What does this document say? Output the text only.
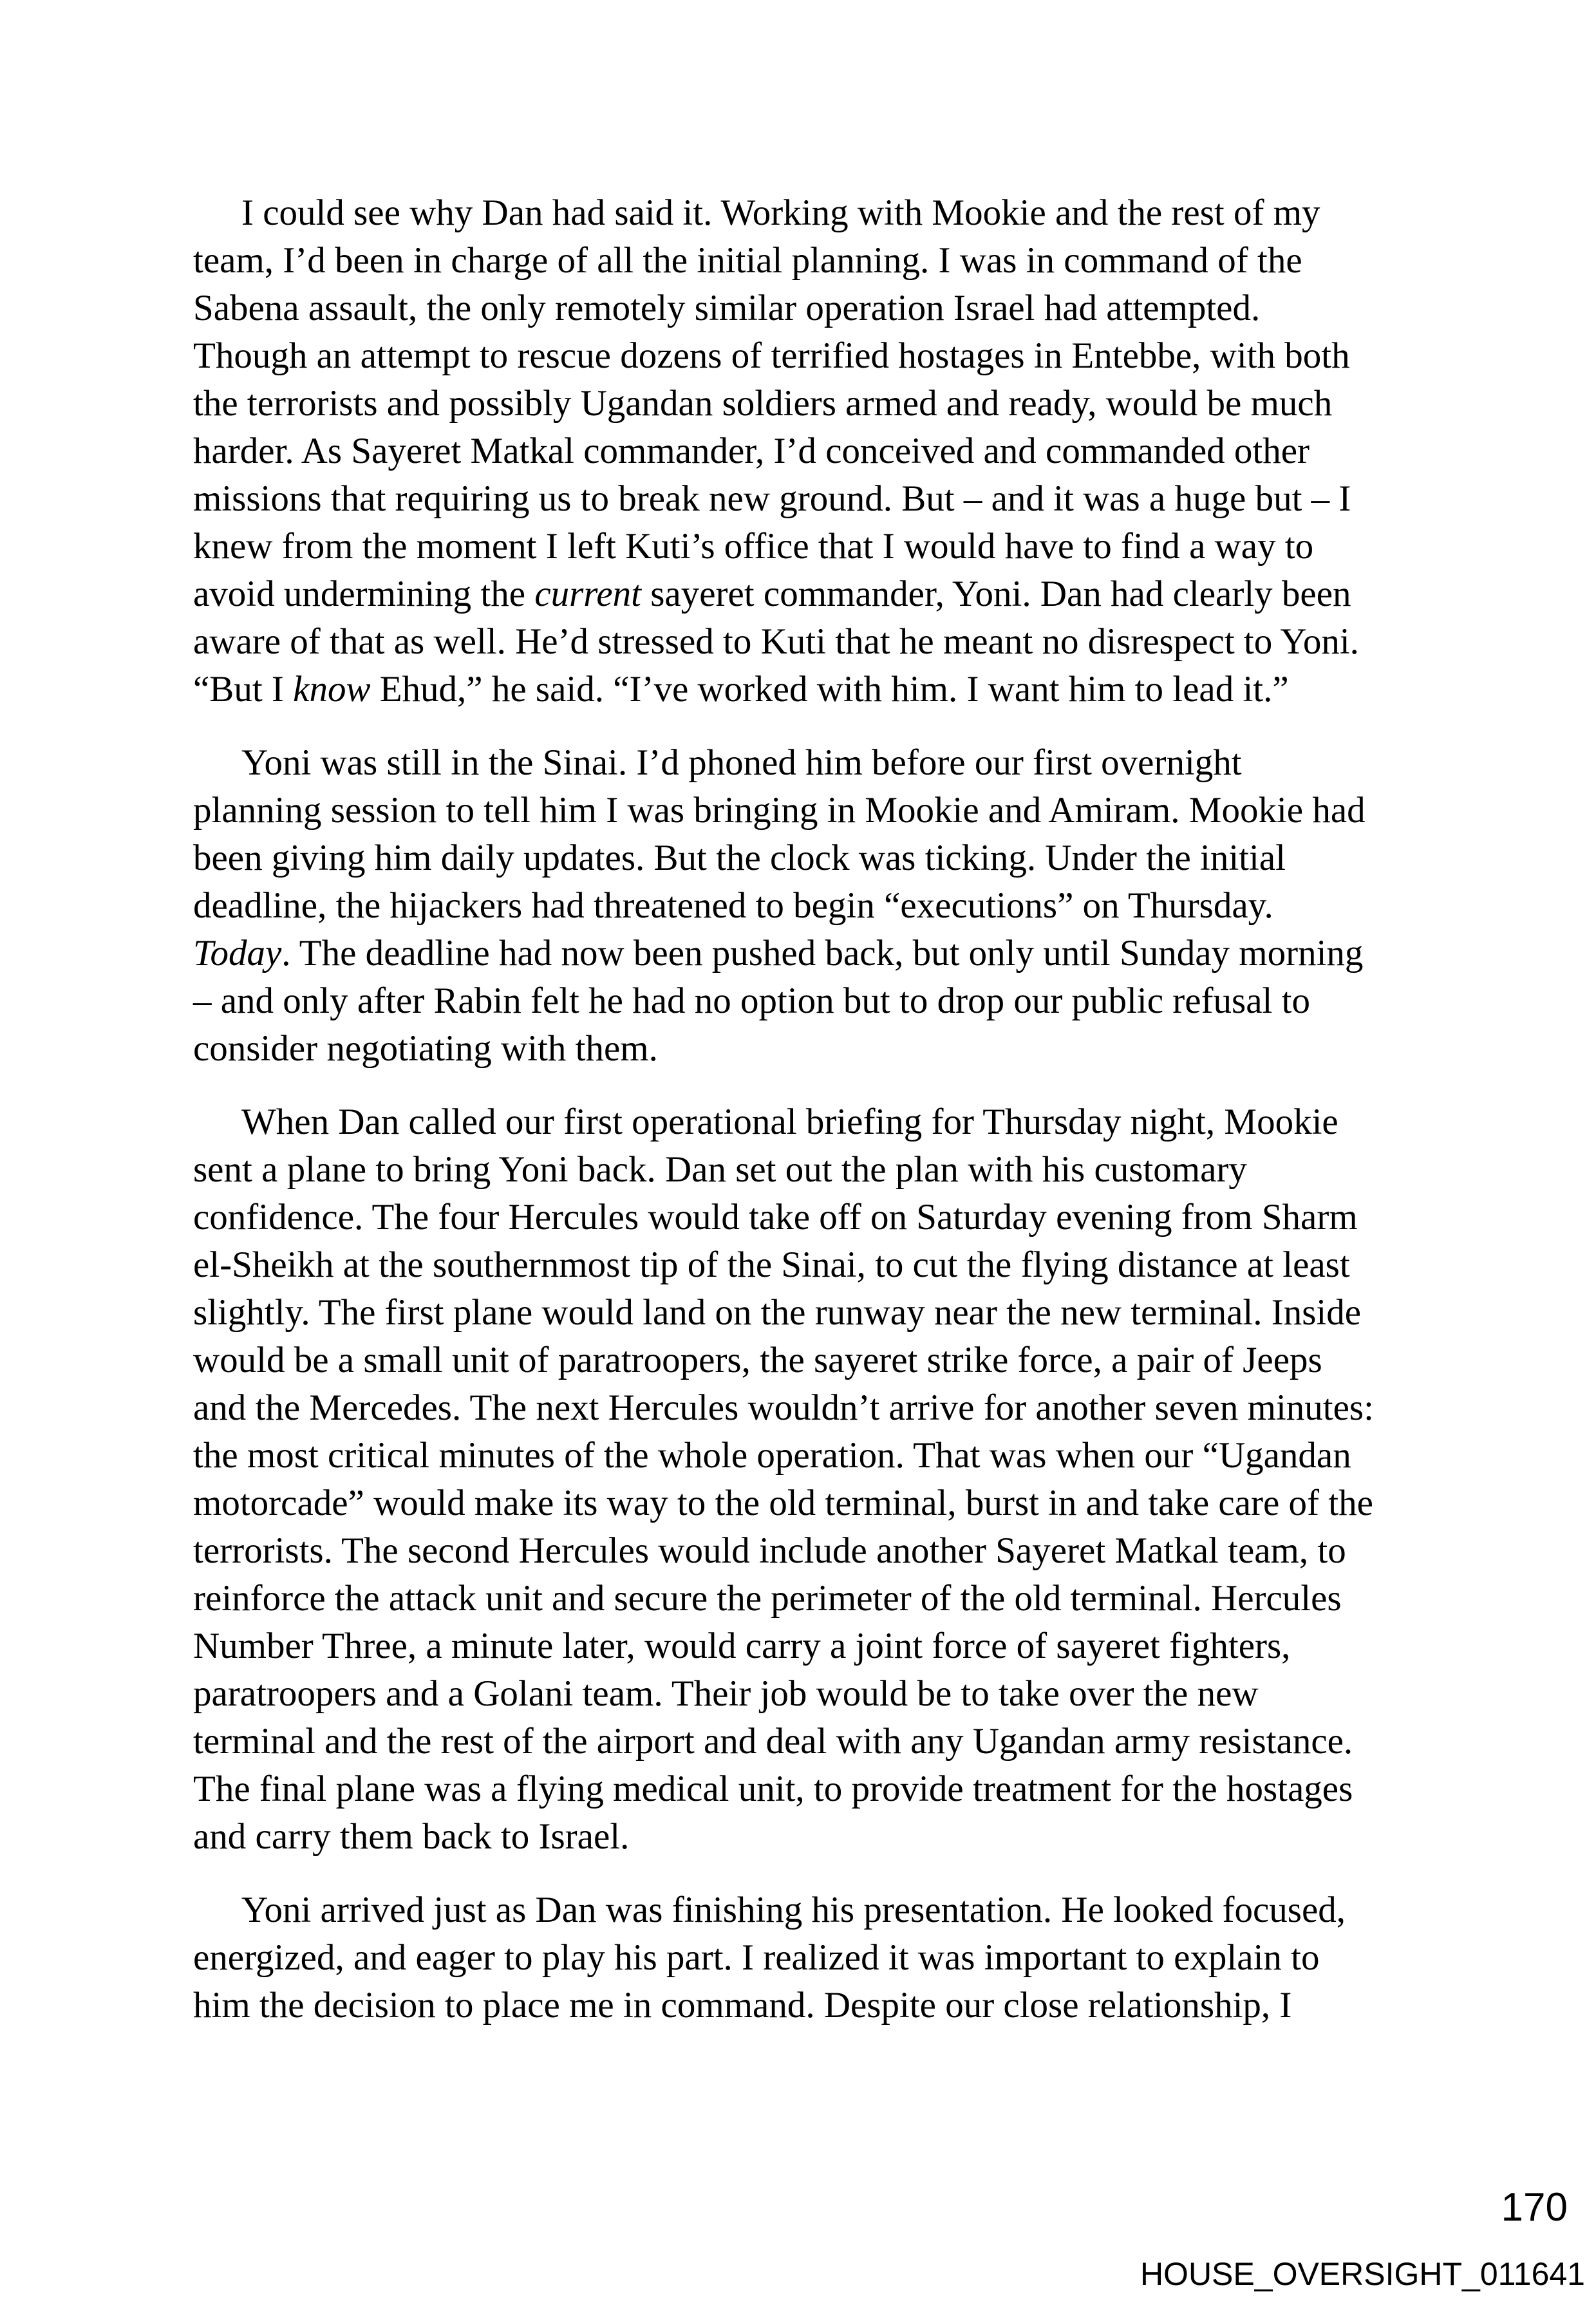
I could see why Dan had said it. Working with Mookie and the rest of my
team, I’d been in charge of all the initial planning. I was in command of the
Sabena assault, the only remotely similar operation Israel had attempted.
Though an attempt to rescue dozens of terrified hostages in Entebbe, with both
the terrorists and possibly Ugandan soldiers armed and ready, would be much
harder. As Sayeret Matkal commander, I’d conceived and commanded other
missions that requiring us to break new ground. But – and it was a huge but – I
knew from the moment I left Kuti’s office that I would have to find a way to
avoid undermining the current sayeret commander, Yoni. Dan had clearly been
aware of that as well. He’d stressed to Kuti that he meant no disrespect to Yoni.
“But I know Ehud,” he said. “I’ve worked with him. I want him to lead it.”
Yoni was still in the Sinai. I’d phoned him before our first overnight
planning session to tell him I was bringing in Mookie and Amiram. Mookie had
been giving him daily updates. But the clock was ticking. Under the initial
deadline, the hijackers had threatened to begin “executions” on Thursday.
Today. The deadline had now been pushed back, but only until Sunday morning
– and only after Rabin felt he had no option but to drop our public refusal to
consider negotiating with them.
When Dan called our first operational briefing for Thursday night, Mookie
sent a plane to bring Yoni back. Dan set out the plan with his customary
confidence. The four Hercules would take off on Saturday evening from Sharm
el-Sheikh at the southernmost tip of the Sinai, to cut the flying distance at least
slightly. The first plane would land on the runway near the new terminal. Inside
would be a small unit of paratroopers, the sayeret strike force, a pair of Jeeps
and the Mercedes. The next Hercules wouldn’t arrive for another seven minutes:
the most critical minutes of the whole operation. That was when our “Ugandan
motorcade” would make its way to the old terminal, burst in and take care of the
terrorists. The second Hercules would include another Sayeret Matkal team, to
reinforce the attack unit and secure the perimeter of the old terminal. Hercules
Number Three, a minute later, would carry a joint force of sayeret fighters,
paratroopers and a Golani team. Their job would be to take over the new
terminal and the rest of the airport and deal with any Ugandan army resistance.
The final plane was a flying medical unit, to provide treatment for the hostages
and carry them back to Israel.
Yoni arrived just as Dan was finishing his presentation. He looked focused,
energized, and eager to play his part. I realized it was important to explain to
him the decision to place me in command. Despite our close relationship, I
170
HOUSE_OVERSIGHT_011641
